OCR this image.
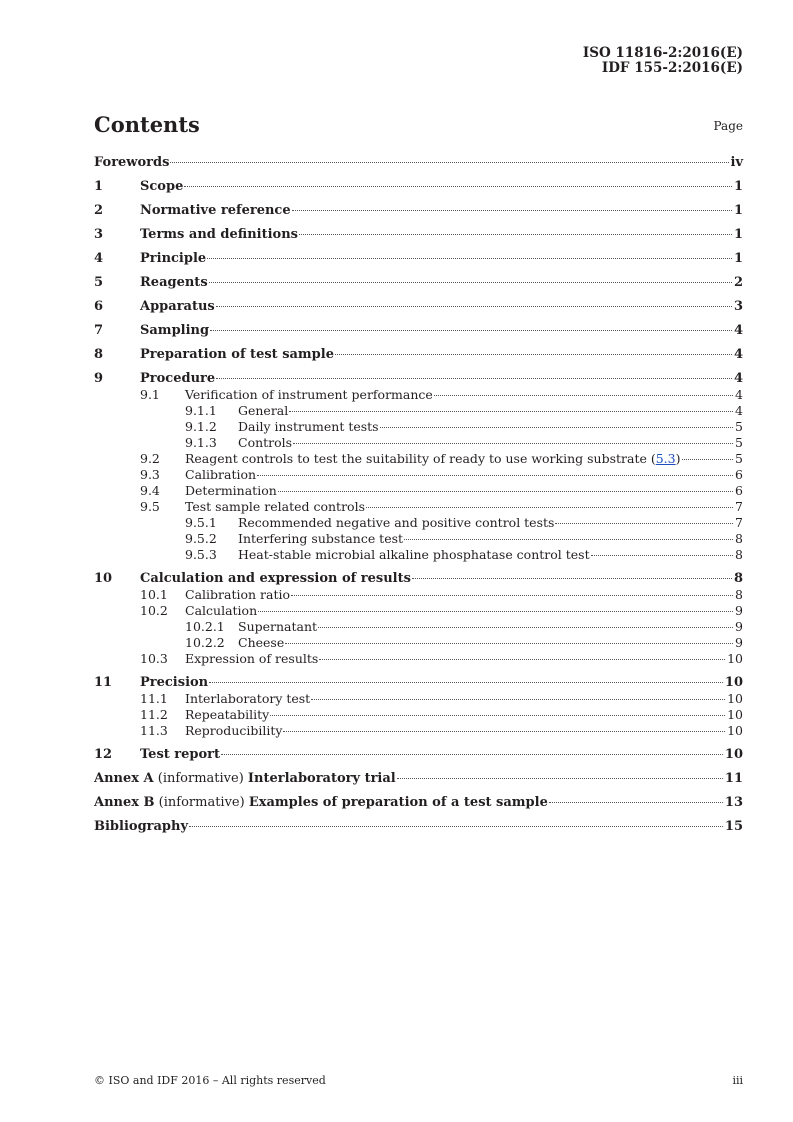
ISO 11816-2:2016(E)
IDF 155-2:2016(E)
Contents	Page
Forewords	iv
1	Scope	1
2	Normative reference	1
3	Terms and definitions	1
4	Principle	1
5	Reagents	2
6	Apparatus	3
7	Sampling	4
8	Preparation of test sample	4
9	Procedure	4
9.1 Verification of instrument performance	4
9.1.1 General	4
9.1.2 Daily instrument tests	5
9.1.3 Controls	5
9.2 Reagent controls to test the suitability of ready to use working substrate (5.3)	5
9.3 Calibration	6
9.4 Determination	6
9.5 Test sample related controls	7
9.5.1 Recommended negative and positive control tests	7
9.5.2 Interfering substance test	8
9.5.3 Heat-stable microbial alkaline phosphatase control test	8
10 Calculation and expression of results	8
10.1 Calibration ratio	8
10.2 Calculation	9
10.2.1 Supernatant	9
10.2.2 Cheese	9
10.3 Expression of results	10
11 Precision	10
11.1 Interlaboratory test	10
11.2 Repeatability	10
11.3 Reproducibility	10
12 Test report	10
Annex A (informative) Interlaboratory trial	11
Annex B (informative) Examples of preparation of a test sample	13
Bibliography	15
© ISO and IDF 2016 – All rights reserved	iii
